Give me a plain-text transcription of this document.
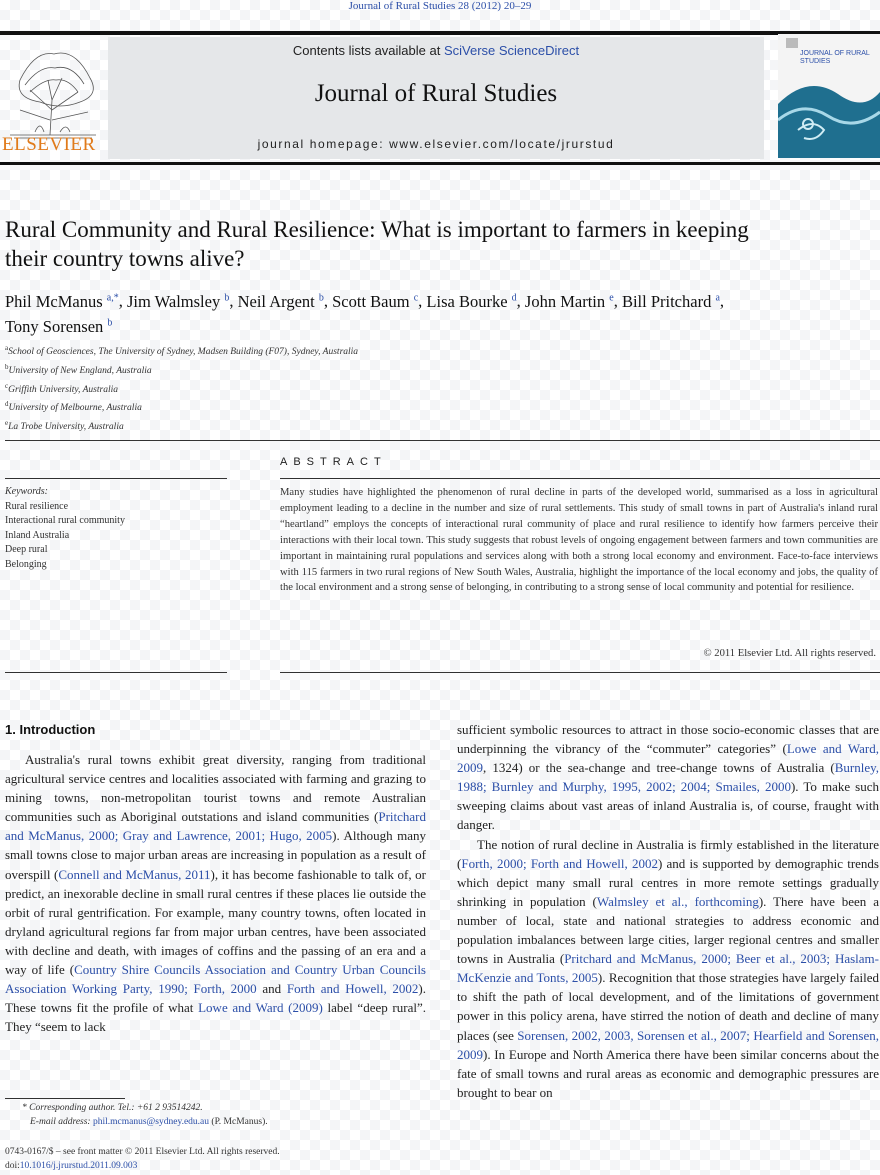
Journal of Rural Studies 28 (2012) 20–29
ELSEVIER
Contents lists available at SciVerse ScienceDirect
Journal of Rural Studies
journal homepage: www.elsevier.com/locate/jrurstud
JOURNAL OF RURAL STUDIES
Rural Community and Rural Resilience: What is important to farmers in keeping
their country towns alive?
Phil McManus $^{a,*}$, Jim Walmsley $^b$, Neil Argent $^b$, Scott Baum $^c$, Lisa Bourke $^d$, John Martin $^e$, Bill Pritchard $^a$,
Tony Sorensen $^b$
$^a$School of Geosciences, The University of Sydney, Madsen Building (F07), Sydney, Australia
$^b$University of New England, Australia
$^c$Griffith University, Australia
$^d$University of Melbourne, Australia
$^e$La Trobe University, Australia
ABSTRACT
Keywords:
Rural resilience
Interactional rural community
Inland Australia
Deep rural
Belonging
Many studies have highlighted the phenomenon of rural decline in parts of the developed world, summarised as a loss in agricultural employment leading to a decline in the number and size of rural settlements. This study of small towns in part of Australia's inland rural “heartland” employs the concepts of interactional rural community of place and rural resilience to identify how farmers perceive their interactions with their local town. This study suggests that robust levels of ongoing engagement between farmers and town communities are important in maintaining rural populations and services along with both a strong local economy and environment. Face-to-face interviews with 115 farmers in two rural regions of New South Wales, Australia, highlight the importance of the local economy and jobs, the quality of the local environment and a strong sense of belonging, in contributing to a strong sense of local community and potential for resilience.
© 2011 Elsevier Ltd. All rights reserved.
1. Introduction

Australia's rural towns exhibit great diversity, ranging from traditional agricultural service centres and localities associated with farming and grazing to mining towns, non-metropolitan tourist towns and remote Australian communities such as Aboriginal outstations and island communities (Pritchard and McManus, 2000; Gray and Lawrence, 2001; Hugo, 2005). Although many small towns close to major urban areas are increasing in population as a result of overspill (Connell and McManus, 2011), it has become fashionable to talk of, or predict, an inexorable decline in small rural centres if these places lie outside the orbit of rural gentrification. For example, many country towns, often located in dryland agricultural regions far from major urban centres, have been associated with decline and death, with images of coffins and the passing of an era and a way of life (Country Shire Councils Association and Country Urban Councils Association Working Party, 1990; Forth, 2000 and Forth and Howell, 2002). These towns fit the profile of what Lowe and Ward (2009) label “deep rural”. They “seem to lack

sufficient symbolic resources to attract in those socio-economic classes that are underpinning the vibrancy of the “commuter” categories” (Lowe and Ward, 2009, 1324) or the sea-change and tree-change towns of Australia (Burnley, 1988; Burnley and Murphy, 1995, 2002; 2004; Smailes, 2000). To make such sweeping claims about vast areas of inland Australia is, of course, fraught with danger.

The notion of rural decline in Australia is firmly established in the literature (Forth, 2000; Forth and Howell, 2002) and is supported by demographic trends which depict many small rural centres in more remote settings gradually shrinking in population (Walmsley et al., forthcoming). There have been a number of local, state and national strategies to address economic and population imbalances between large cities, larger regional centres and smaller towns in Australia (Pritchard and McManus, 2000; Beer et al., 2003; Haslam-McKenzie and Tonts, 2005). Recognition that those strategies have largely failed to shift the path of local development, and of the limitations of government power in this policy arena, have stirred the notion of death and decline of many places (see Sorensen, 2002, 2003, Sorensen et al., 2007; Hearfield and Sorensen, 2009). In Europe and North America there have been similar concerns about the fate of small towns and rural areas as economic and demographic pressures are brought to bear on

* Corresponding author. Tel.: +61 2 93514242.
E-mail address: phil.mcmanus@sydney.edu.au (P. McManus).
0743-0167/$ – see front matter © 2011 Elsevier Ltd. All rights reserved.
doi:10.1016/j.jrurstud.2011.09.003
